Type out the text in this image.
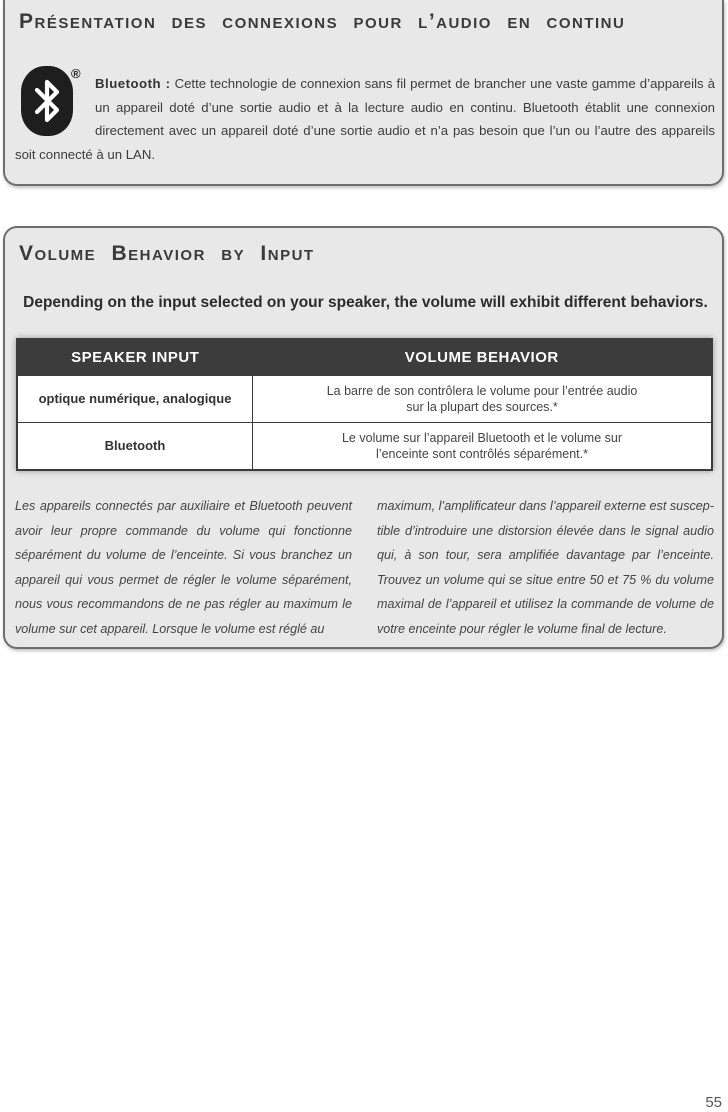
Présentation des connexions pour l’audio en continu
®

Bluetooth : Cette technologie de connexion sans fil permet de brancher une vaste gamme d’appareils à un appareil doté d’une sortie audio et à la lecture audio en continu. Bluetooth établit une connexion directement avec un appareil doté d’une sortie audio et n’a pas besoin que l’un ou l’autre des appareils soit connecté à un LAN.

Volume Behavior by Input

Depending on the input selected on your speaker, the volume will exhibit different behaviors.

SPEAKER INPUT	VOLUME BEHAVIOR
optique numérique, analogique	La barre de son contrôlera le volume pour l’entrée audio
sur la plupart des sources.*
Bluetooth	Le volume sur l’appareil Bluetooth et le volume sur
l’enceinte sont contrôlés séparément.*

Les appareils connectés par auxiliaire et Bluetooth peuvent avoir leur propre commande du volume qui fonctionne séparément du volume de l’enceinte. Si vous branchez un appareil qui vous permet de régler le volume séparément, nous vous recommandons de ne pas régler au maximum le volume sur cet appareil. Lorsque le volume est réglé au

maximum, l’amplificateur dans l’appareil externe est suscep-tible d’introduire une distorsion élevée dans le signal audio qui, à son tour, sera amplifiée davantage par l’enceinte. Trouvez un volume qui se situe entre 50 et 75 % du volume maximal de l’appareil et utilisez la commande de volume de votre enceinte pour régler le volume final de lecture.

55
